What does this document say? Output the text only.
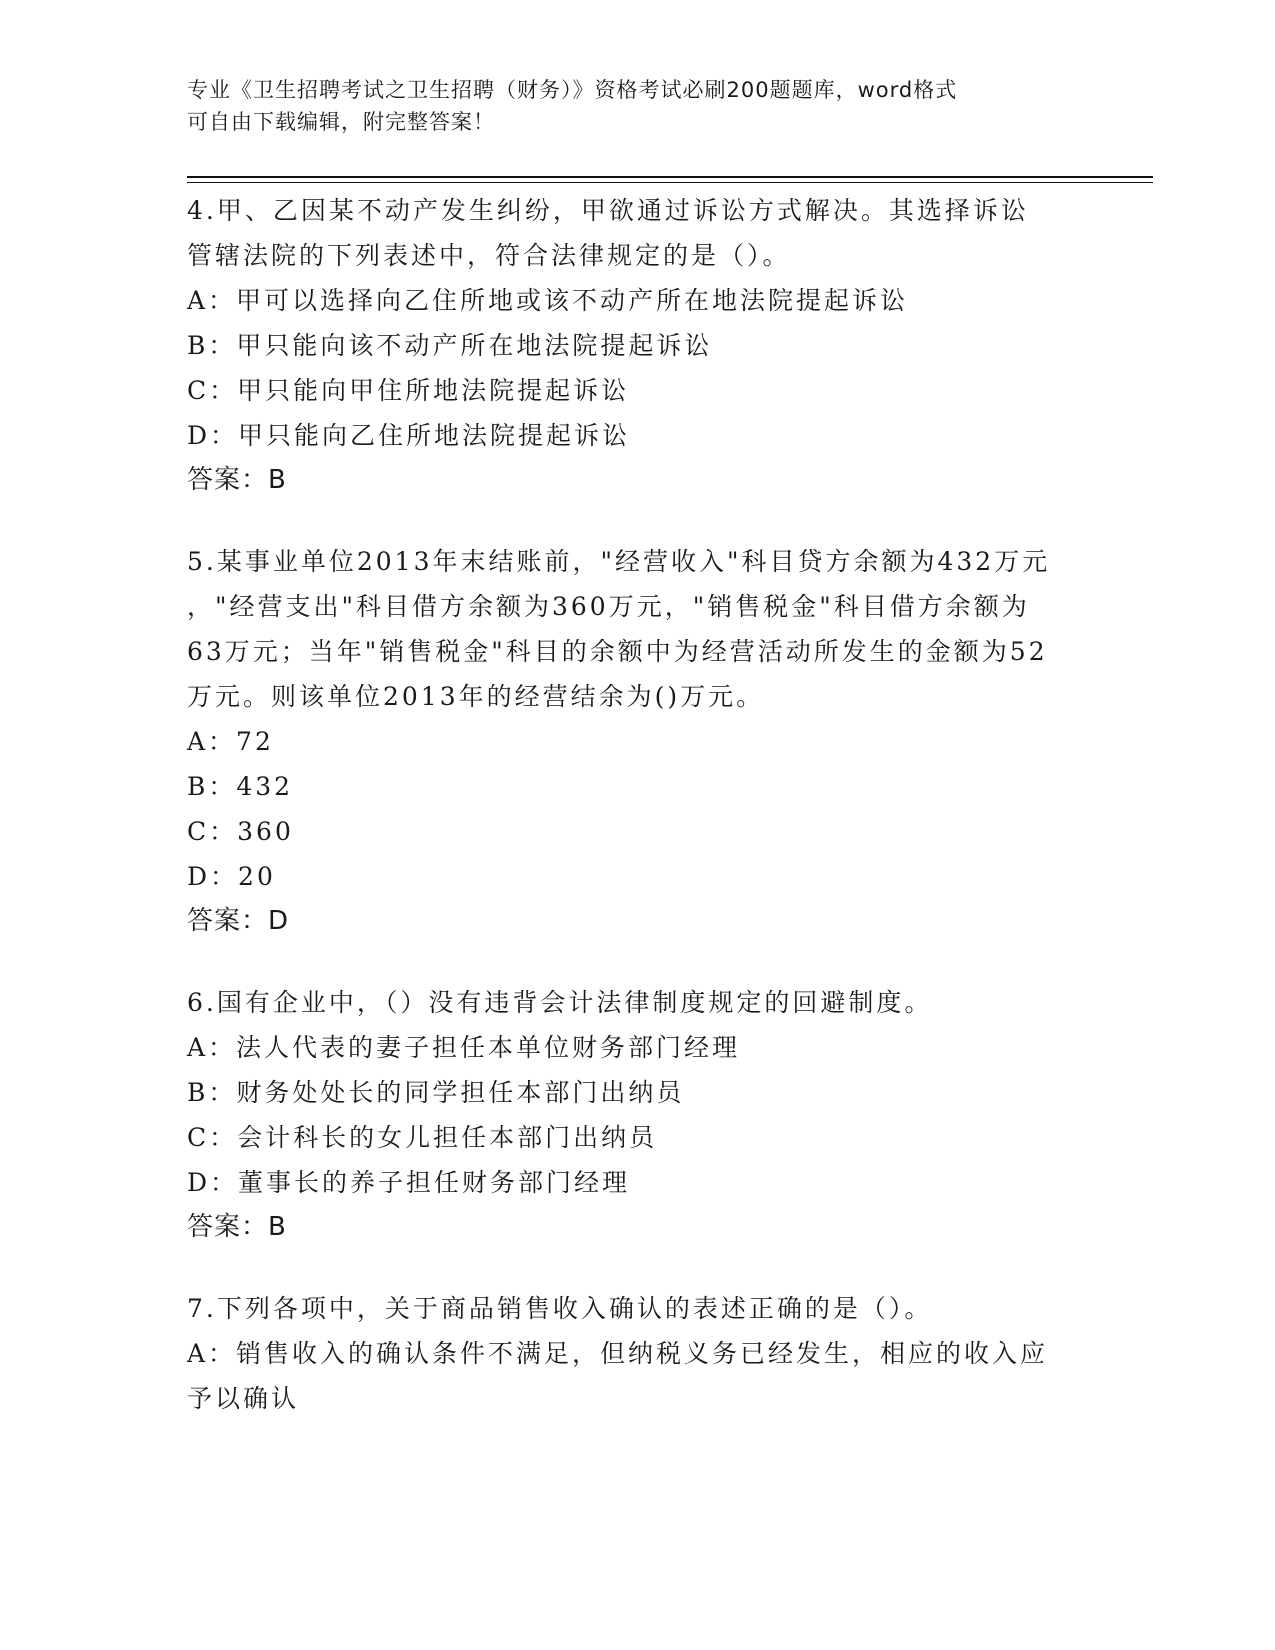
专业《卫生招聘考试之卫生招聘（财务）》资格考试必刷200题题库，word格式
可自由下载编辑，附完整答案！
4.甲、乙因某不动产发生纠纷，甲欲通过诉讼方式解决。其选择诉讼
管辖法院的下列表述中，符合法律规定的是（）。
A：甲可以选择向乙住所地或该不动产所在地法院提起诉讼
B：甲只能向该不动产所在地法院提起诉讼
C：甲只能向甲住所地法院提起诉讼
D：甲只能向乙住所地法院提起诉讼
答案：B
5.某事业单位2013年末结账前，"经营收入"科目贷方余额为432万元
，"经营支出"科目借方余额为360万元，"销售税金"科目借方余额为
63万元；当年"销售税金"科目的余额中为经营活动所发生的金额为52
万元。则该单位2013年的经营结余为()万元。
A：72
B：432
C：360
D：20
答案：D
6.国有企业中，（）没有违背会计法律制度规定的回避制度。
A：法人代表的妻子担任本单位财务部门经理
B：财务处处长的同学担任本部门出纳员
C：会计科长的女儿担任本部门出纳员
D：董事长的养子担任财务部门经理
答案：B
7.下列各项中，关于商品销售收入确认的表述正确的是（）。
A：销售收入的确认条件不满足，但纳税义务已经发生，相应的收入应
予以确认
